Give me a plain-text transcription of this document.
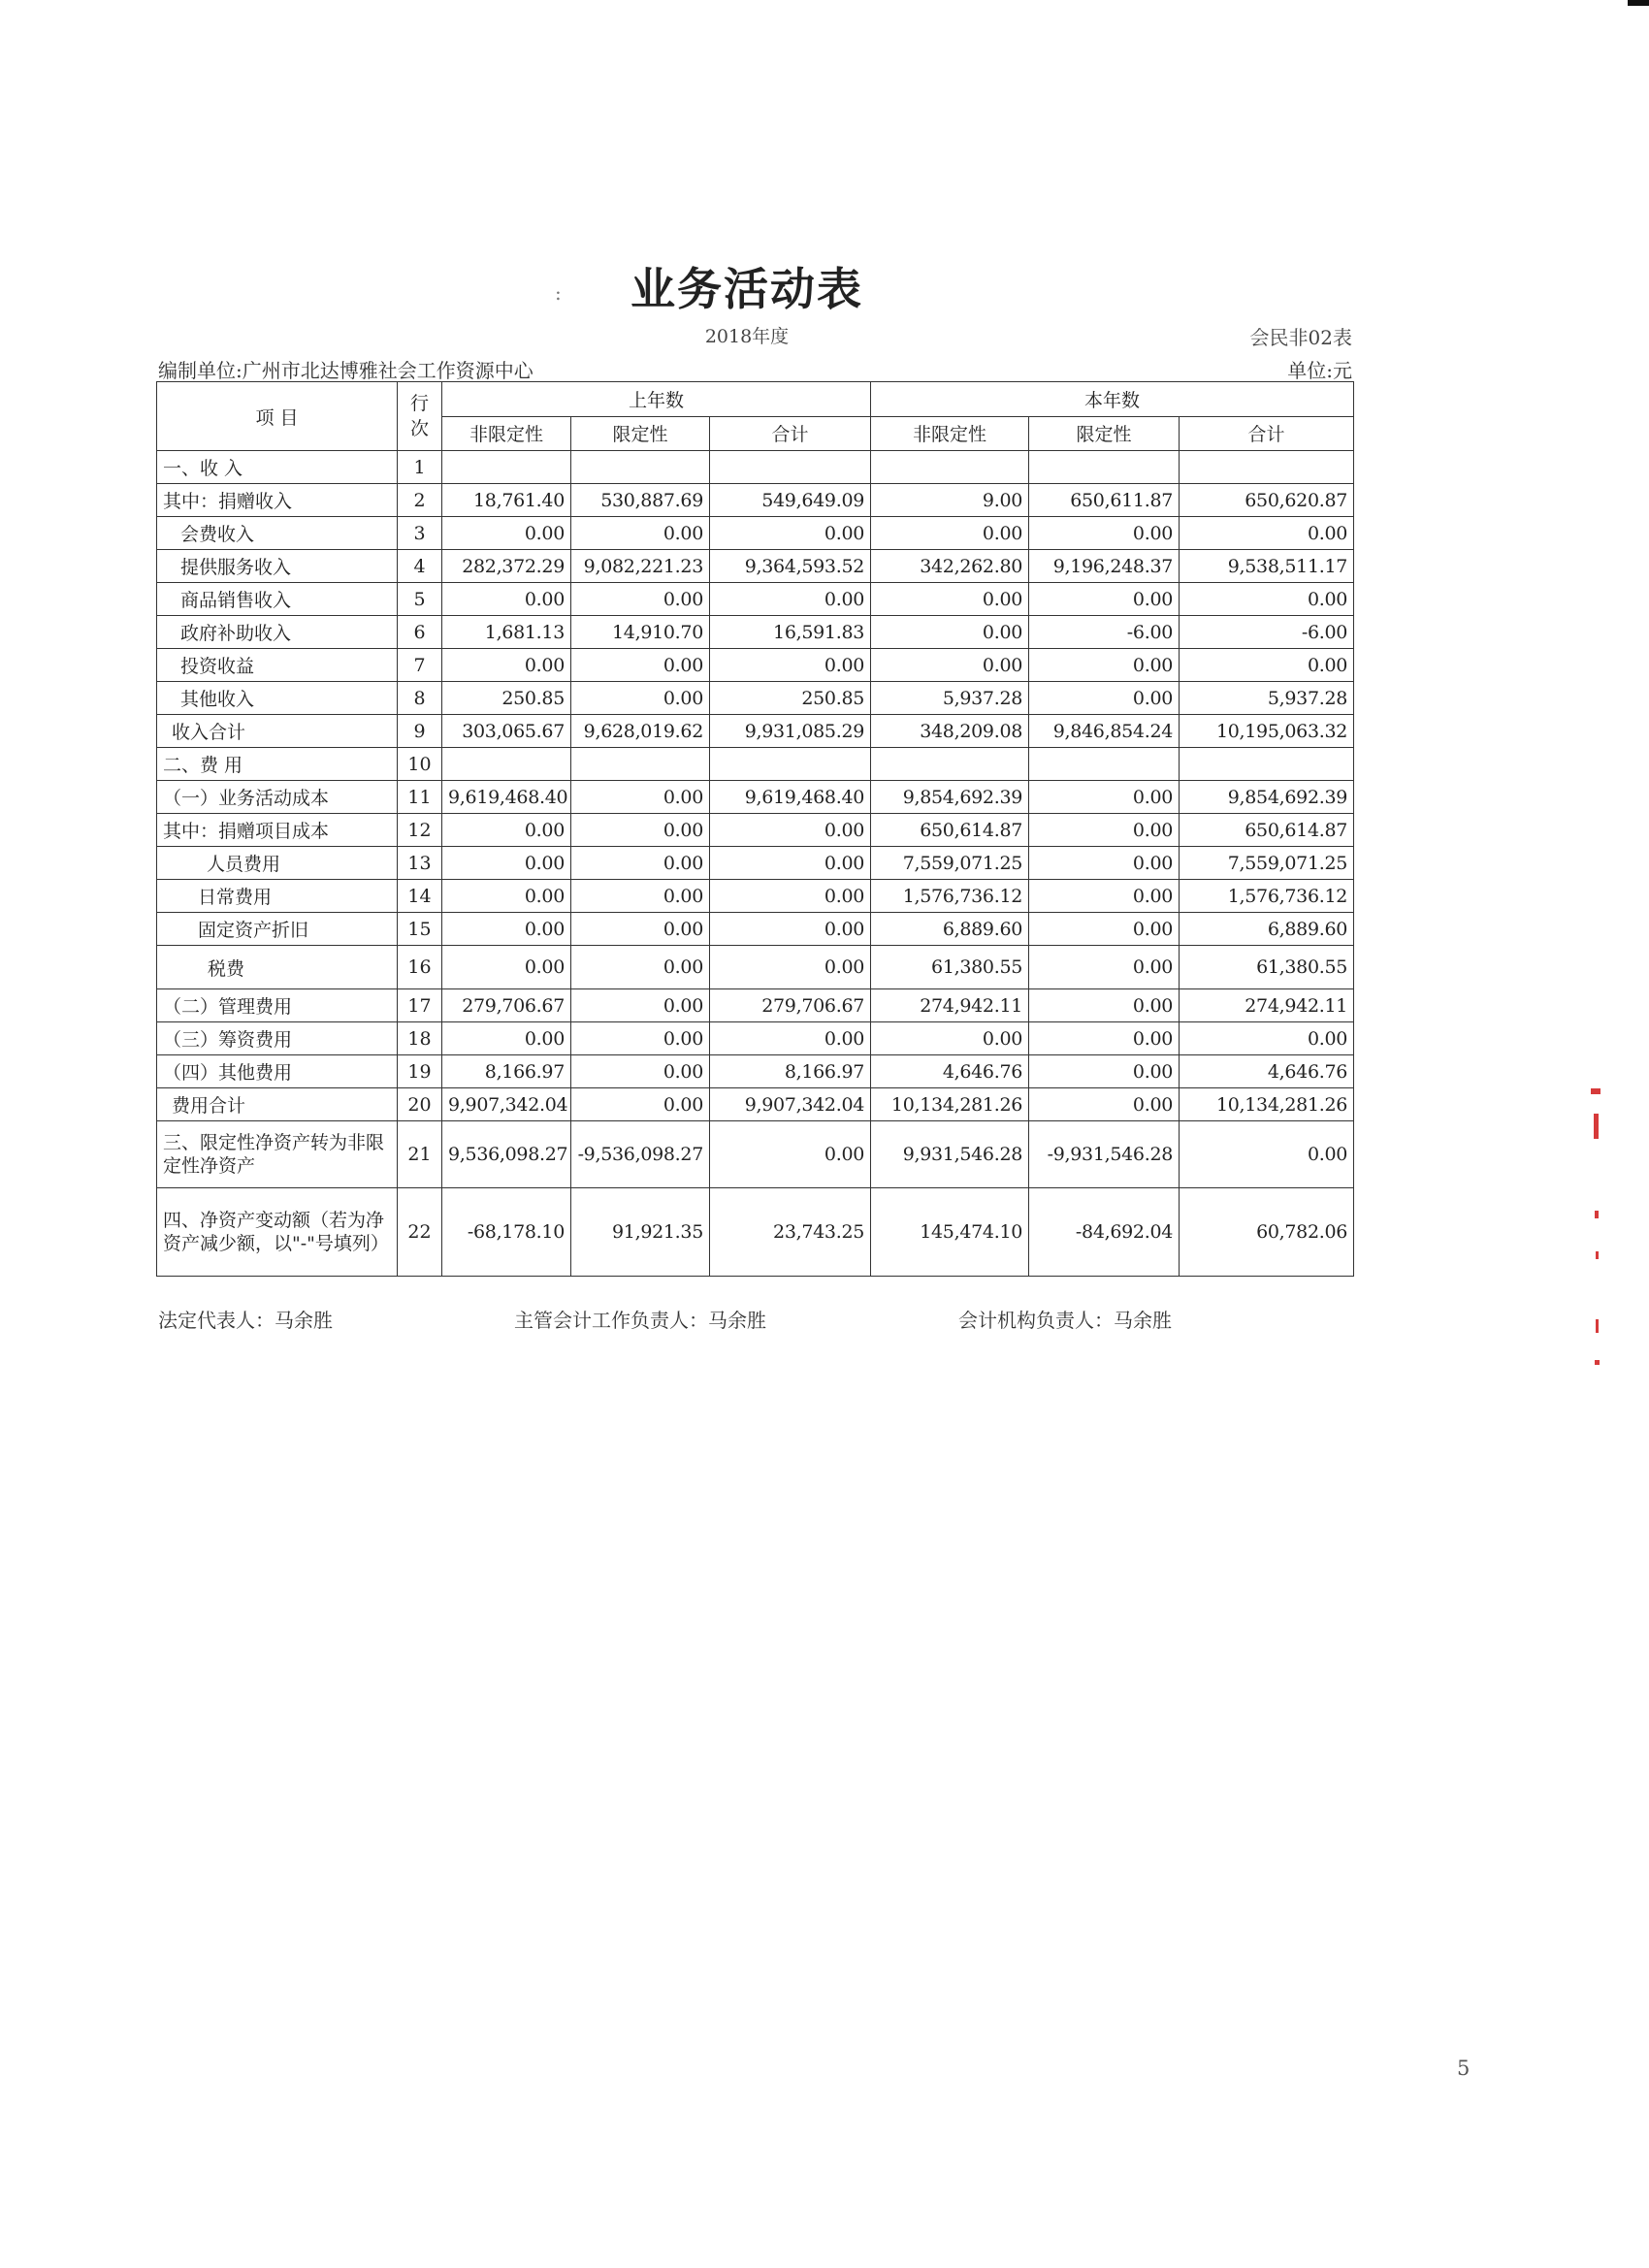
:	业务活动表
2018年度	会民非02表
编制单位:广州市北达博雅社会工作资源中心	单位:元
项 目	行次	上年数			本年数		
		非限定性	限定性	合计	非限定性	限定性	合计
一、收 入	1						
其中：捐赠收入	2	18,761.40	530,887.69	549,649.09	9.00	650,611.87	650,620.87
会费收入	3	0.00	0.00	0.00	0.00	0.00	0.00
提供服务收入	4	282,372.29	9,082,221.23	9,364,593.52	342,262.80	9,196,248.37	9,538,511.17
商品销售收入	5	0.00	0.00	0.00	0.00	0.00	0.00
政府补助收入	6	1,681.13	14,910.70	16,591.83	0.00	-6.00	-6.00
投资收益	7	0.00	0.00	0.00	0.00	0.00	0.00
其他收入	8	250.85	0.00	250.85	5,937.28	0.00	5,937.28
收入合计	9	303,065.67	9,628,019.62	9,931,085.29	348,209.08	9,846,854.24	10,195,063.32
二、费 用	10						
（一）业务活动成本	11	9,619,468.40	0.00	9,619,468.40	9,854,692.39	0.00	9,854,692.39
其中：捐赠项目成本	12	0.00	0.00	0.00	650,614.87	0.00	650,614.87
人员费用	13	0.00	0.00	0.00	7,559,071.25	0.00	7,559,071.25
日常费用	14	0.00	0.00	0.00	1,576,736.12	0.00	1,576,736.12
固定资产折旧	15	0.00	0.00	0.00	6,889.60	0.00	6,889.60
税费	16	0.00	0.00	0.00	61,380.55	0.00	61,380.55
（二）管理费用	17	279,706.67	0.00	279,706.67	274,942.11	0.00	274,942.11
（三）筹资费用	18	0.00	0.00	0.00	0.00	0.00	0.00
（四）其他费用	19	8,166.97	0.00	8,166.97	4,646.76	0.00	4,646.76
费用合计	20	9,907,342.04	0.00	9,907,342.04	10,134,281.26	0.00	10,134,281.26
三、限定性净资产转为非限定性净资产	21	9,536,098.27	-9,536,098.27	0.00	9,931,546.28	-9,931,546.28	0.00
四、净资产变动额（若为净资产减少额，以"-"号填列）	22	-68,178.10	91,921.35	23,743.25	145,474.10	-84,692.04	60,782.06
法定代表人：马余胜	主管会计工作负责人：马余胜	会计机构负责人：马余胜
5
